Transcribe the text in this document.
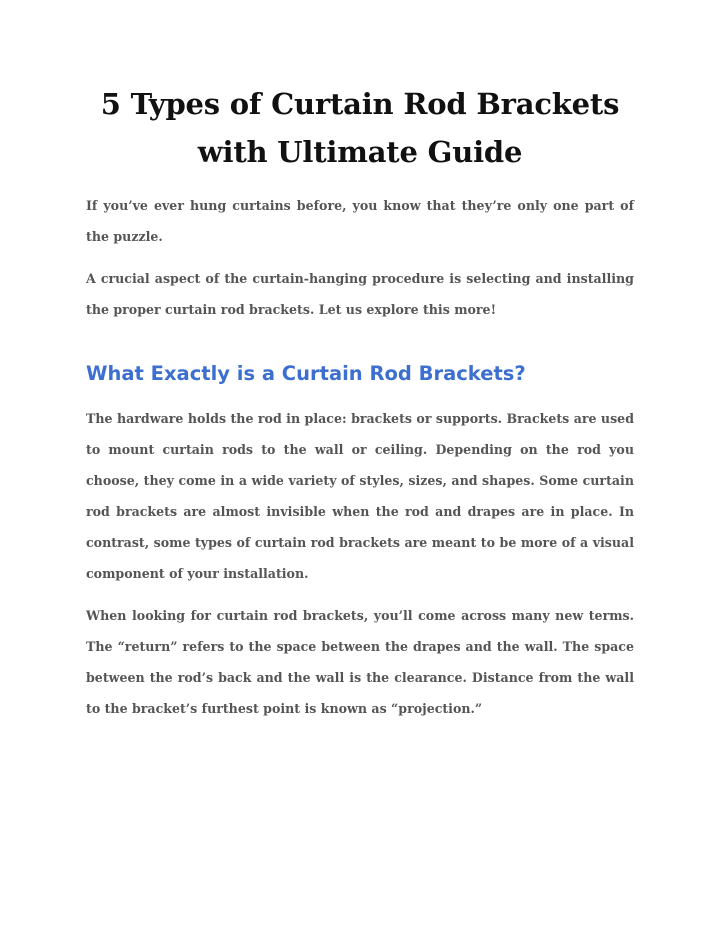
5 Types of Curtain Rod Brackets
with Ultimate Guide

If you’ve ever hung curtains before, you know that they’re only one part of the puzzle.

A crucial aspect of the curtain-hanging procedure is selecting and installing the proper curtain rod brackets. Let us explore this more!

What Exactly is a Curtain Rod Brackets?

The hardware holds the rod in place: brackets or supports. Brackets are used to mount curtain rods to the wall or ceiling. Depending on the rod you choose, they come in a wide variety of styles, sizes, and shapes. Some curtain rod brackets are almost invisible when the rod and drapes are in place. In contrast, some types of curtain rod brackets are meant to be more of a visual component of your installation.

When looking for curtain rod brackets, you’ll come across many new terms. The “return” refers to the space between the drapes and the wall. The space between the rod’s back and the wall is the clearance. Distance from the wall to the bracket’s furthest point is known as “projection.”
